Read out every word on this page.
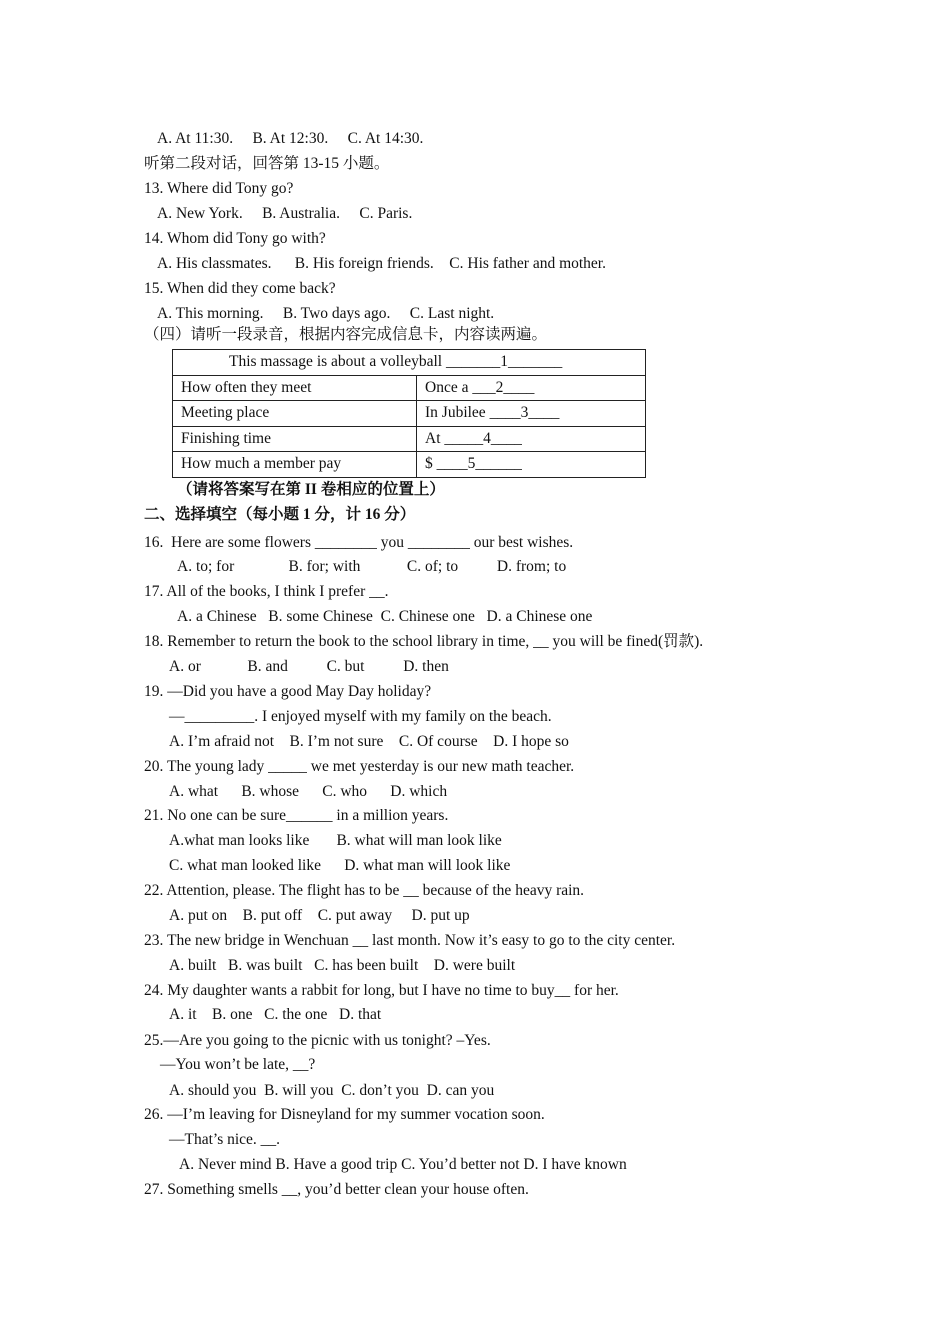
A. At 11:30.     B. At 12:30.     C. At 14:30.
听第二段对话，回答第 13-15 小题。
13. Where did Tony go?
A. New York.     B. Australia.     C. Paris.
14. Whom did Tony go with?
A. His classmates.      B. His foreign friends.    C. His father and mother.
15. When did they come back?
A. This morning.     B. Two days ago.     C. Last night.
（四）请听一段录音，根据内容完成信息卡，内容读两遍。
This massage is about a volleyball _______1_______	
How often they meet	Once a ___2____
Meeting place	In Jubilee ____3____
Finishing time	At _____4____
How much a member pay	$ ____5______
（请将答案写在第 II 卷相应的位置上）
二、选择填空（每小题 1 分，计 16 分）
16.  Here are some flowers ________ you ________ our best wishes.
A. to; for              B. for; with            C. of; to          D. from; to
17. All of the books, I think I prefer __.
A. a Chinese   B. some Chinese  C. Chinese one   D. a Chinese one
18. Remember to return the book to the school library in time, __ you will be fined(罚款).
A. or            B. and          C. but          D. then
19. —Did you have a good May Day holiday?
—_________. I enjoyed myself with my family on the beach.
A. I’m afraid not    B. I’m not sure    C. Of course    D. I hope so
20. The young lady _____ we met yesterday is our new math teacher.
A. what      B. whose      C. who      D. which
21. No one can be sure______ in a million years.
A.what man looks like       B. what will man look like
C. what man looked like      D. what man will look like
22. Attention, please. The flight has to be __ because of the heavy rain.
A. put on    B. put off    C. put away     D. put up
23. The new bridge in Wenchuan __ last month. Now it’s easy to go to the city center.
A. built   B. was built   C. has been built    D. were built
24. My daughter wants a rabbit for long, but I have no time to buy__ for her.
A. it    B. one   C. the one   D. that
25.—Are you going to the picnic with us tonight? –Yes.
—You won’t be late, __?
A. should you  B. will you  C. don’t you  D. can you
26. —I’m leaving for Disneyland for my summer vocation soon.
—That’s nice. __.
A. Never mind B. Have a good trip C. You’d better not D. I have known
27. Something smells __, you’d better clean your house often.
